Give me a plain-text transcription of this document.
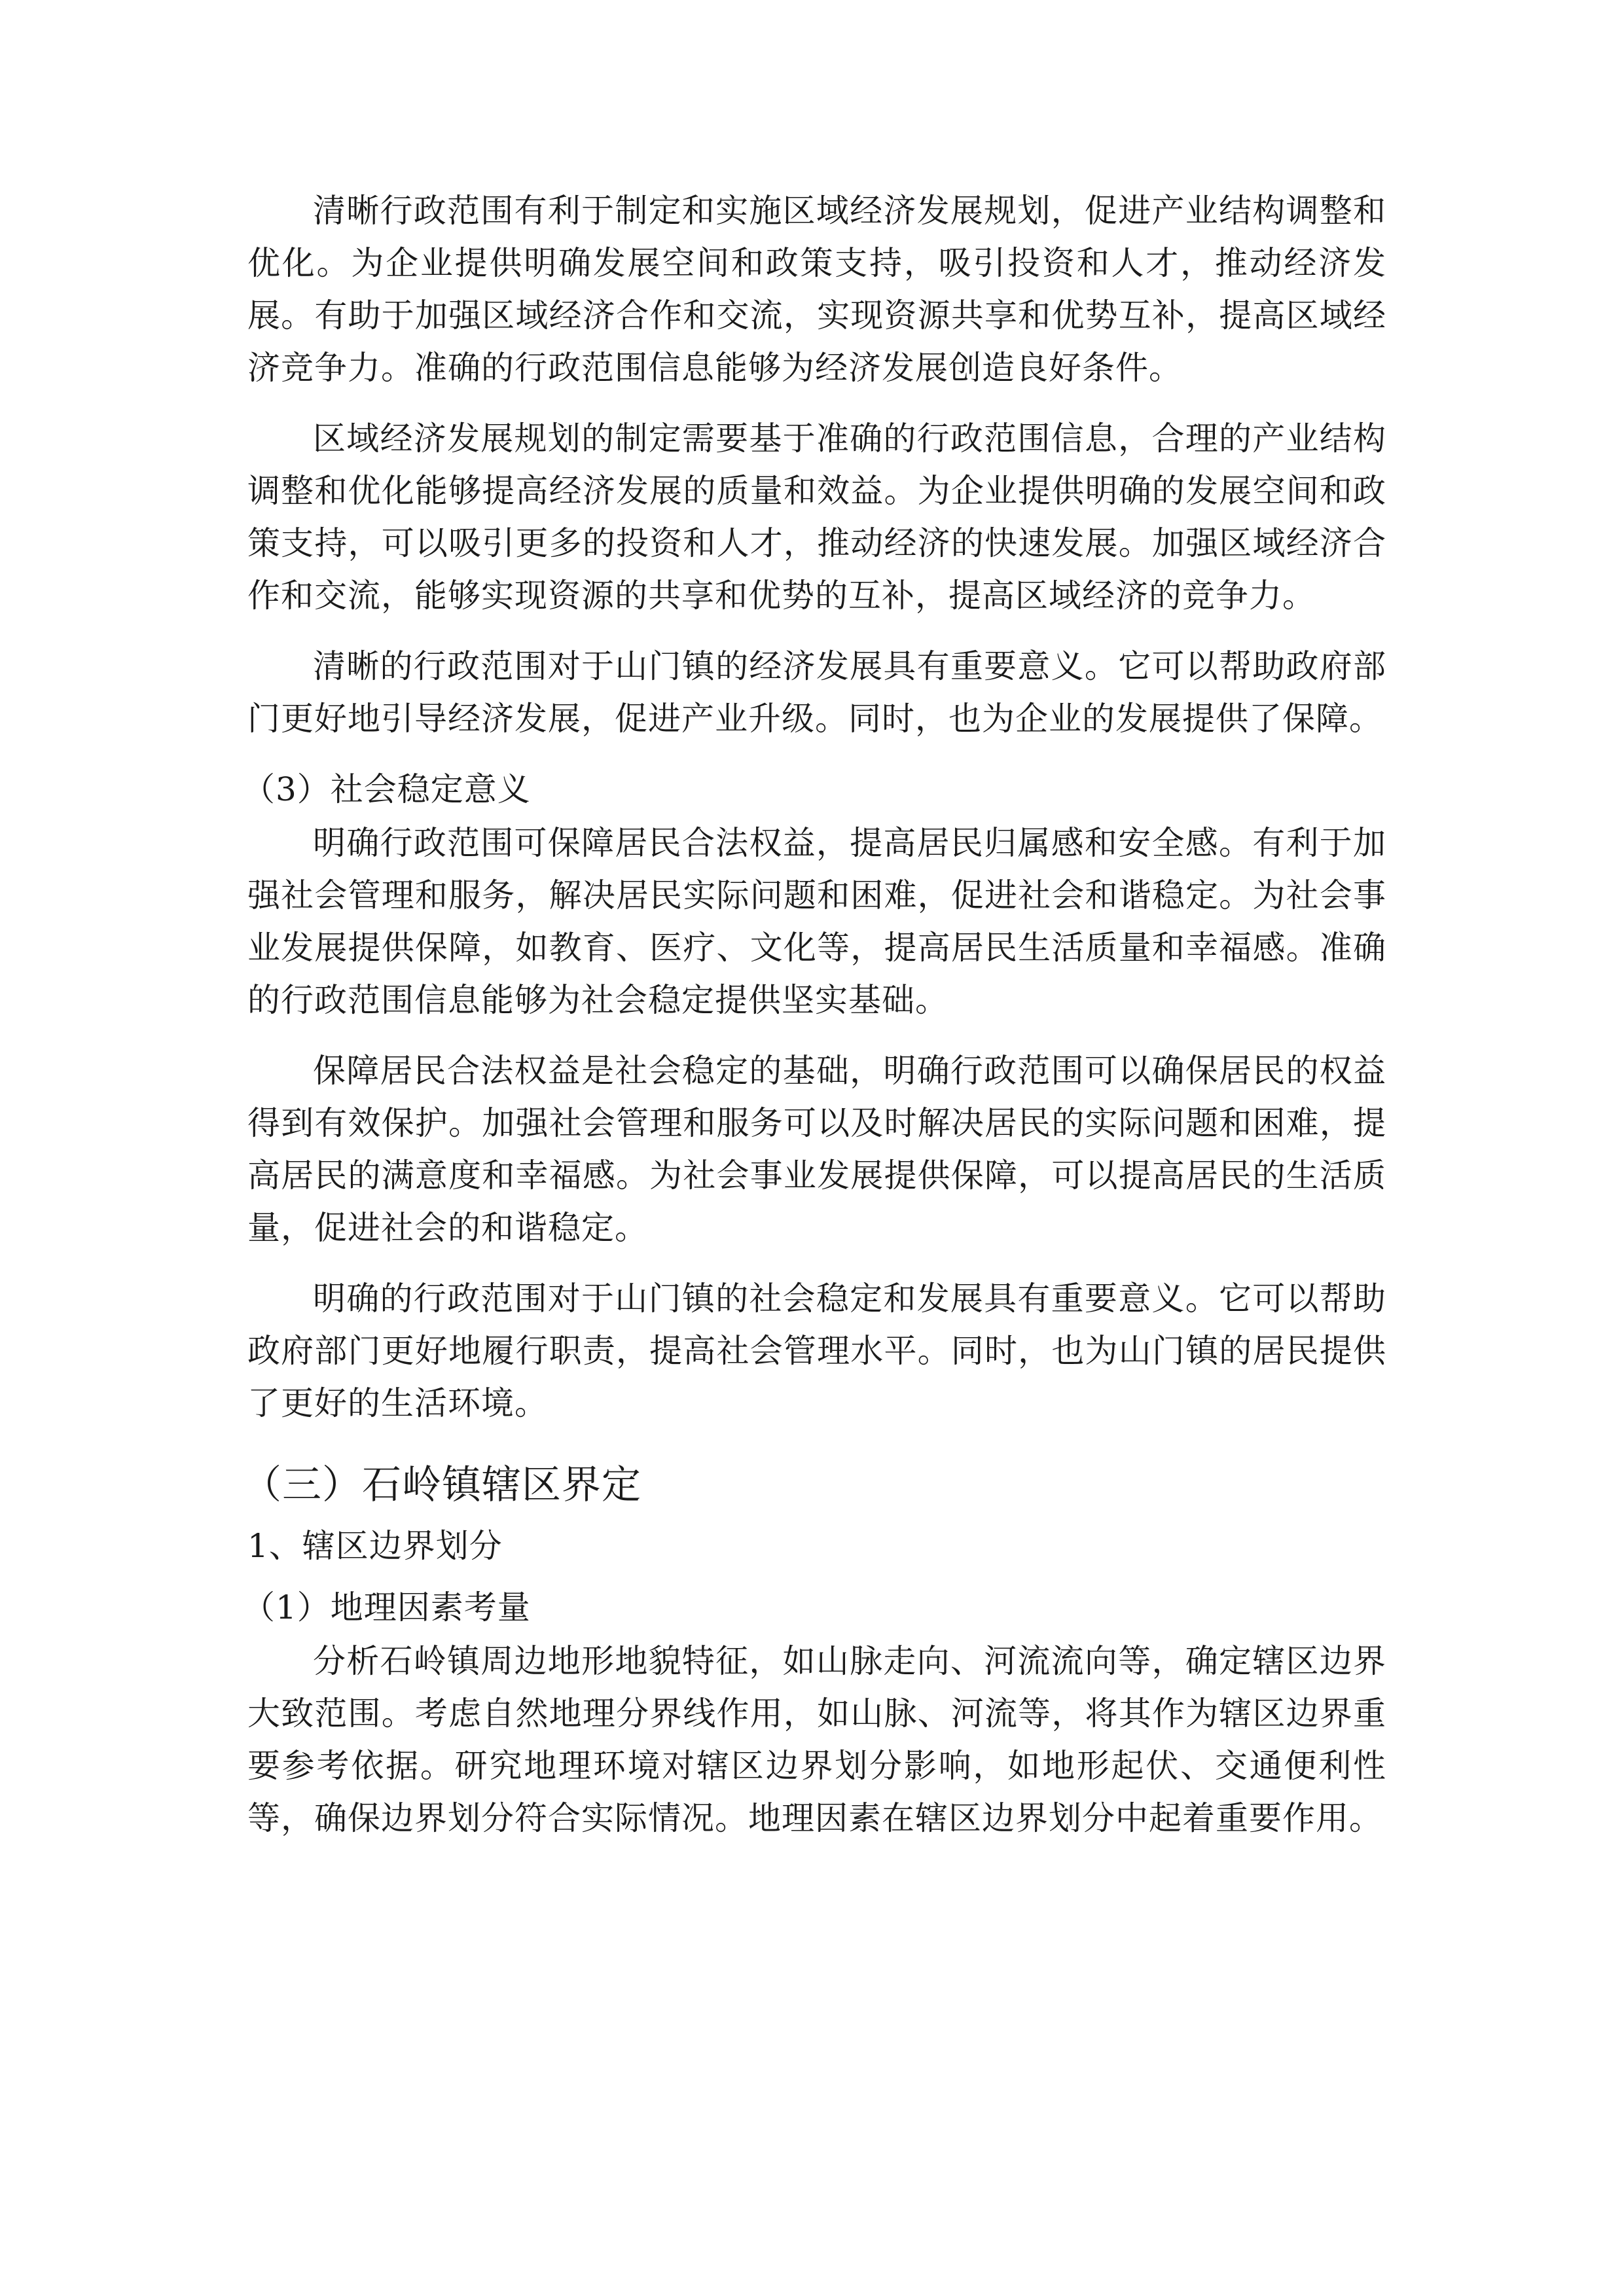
清晰行政范围有利于制定和实施区域经济发展规划，促进产业结构调整和优化。为企业提供明确发展空间和政策支持，吸引投资和人才，推动经济发展。有助于加强区域经济合作和交流，实现资源共享和优势互补，提高区域经济竞争力。准确的行政范围信息能够为经济发展创造良好条件。

区域经济发展规划的制定需要基于准确的行政范围信息，合理的产业结构调整和优化能够提高经济发展的质量和效益。为企业提供明确的发展空间和政策支持，可以吸引更多的投资和人才，推动经济的快速发展。加强区域经济合作和交流，能够实现资源的共享和优势的互补，提高区域经济的竞争力。

清晰的行政范围对于山门镇的经济发展具有重要意义。它可以帮助政府部门更好地引导经济发展，促进产业升级。同时，也为企业的发展提供了保障。

（3）社会稳定意义

明确行政范围可保障居民合法权益，提高居民归属感和安全感。有利于加强社会管理和服务，解决居民实际问题和困难，促进社会和谐稳定。为社会事业发展提供保障，如教育、医疗、文化等，提高居民生活质量和幸福感。准确的行政范围信息能够为社会稳定提供坚实基础。

保障居民合法权益是社会稳定的基础，明确行政范围可以确保居民的权益得到有效保护。加强社会管理和服务可以及时解决居民的实际问题和困难，提高居民的满意度和幸福感。为社会事业发展提供保障，可以提高居民的生活质量，促进社会的和谐稳定。

明确的行政范围对于山门镇的社会稳定和发展具有重要意义。它可以帮助政府部门更好地履行职责，提高社会管理水平。同时，也为山门镇的居民提供了更好的生活环境。

（三）石岭镇辖区界定
1、辖区边界划分
（1）地理因素考量

分析石岭镇周边地形地貌特征，如山脉走向、河流流向等，确定辖区边界大致范围。考虑自然地理分界线作用，如山脉、河流等，将其作为辖区边界重要参考依据。研究地理环境对辖区边界划分影响，如地形起伏、交通便利性等，确保边界划分符合实际情况。地理因素在辖区边界划分中起着重要作用。
